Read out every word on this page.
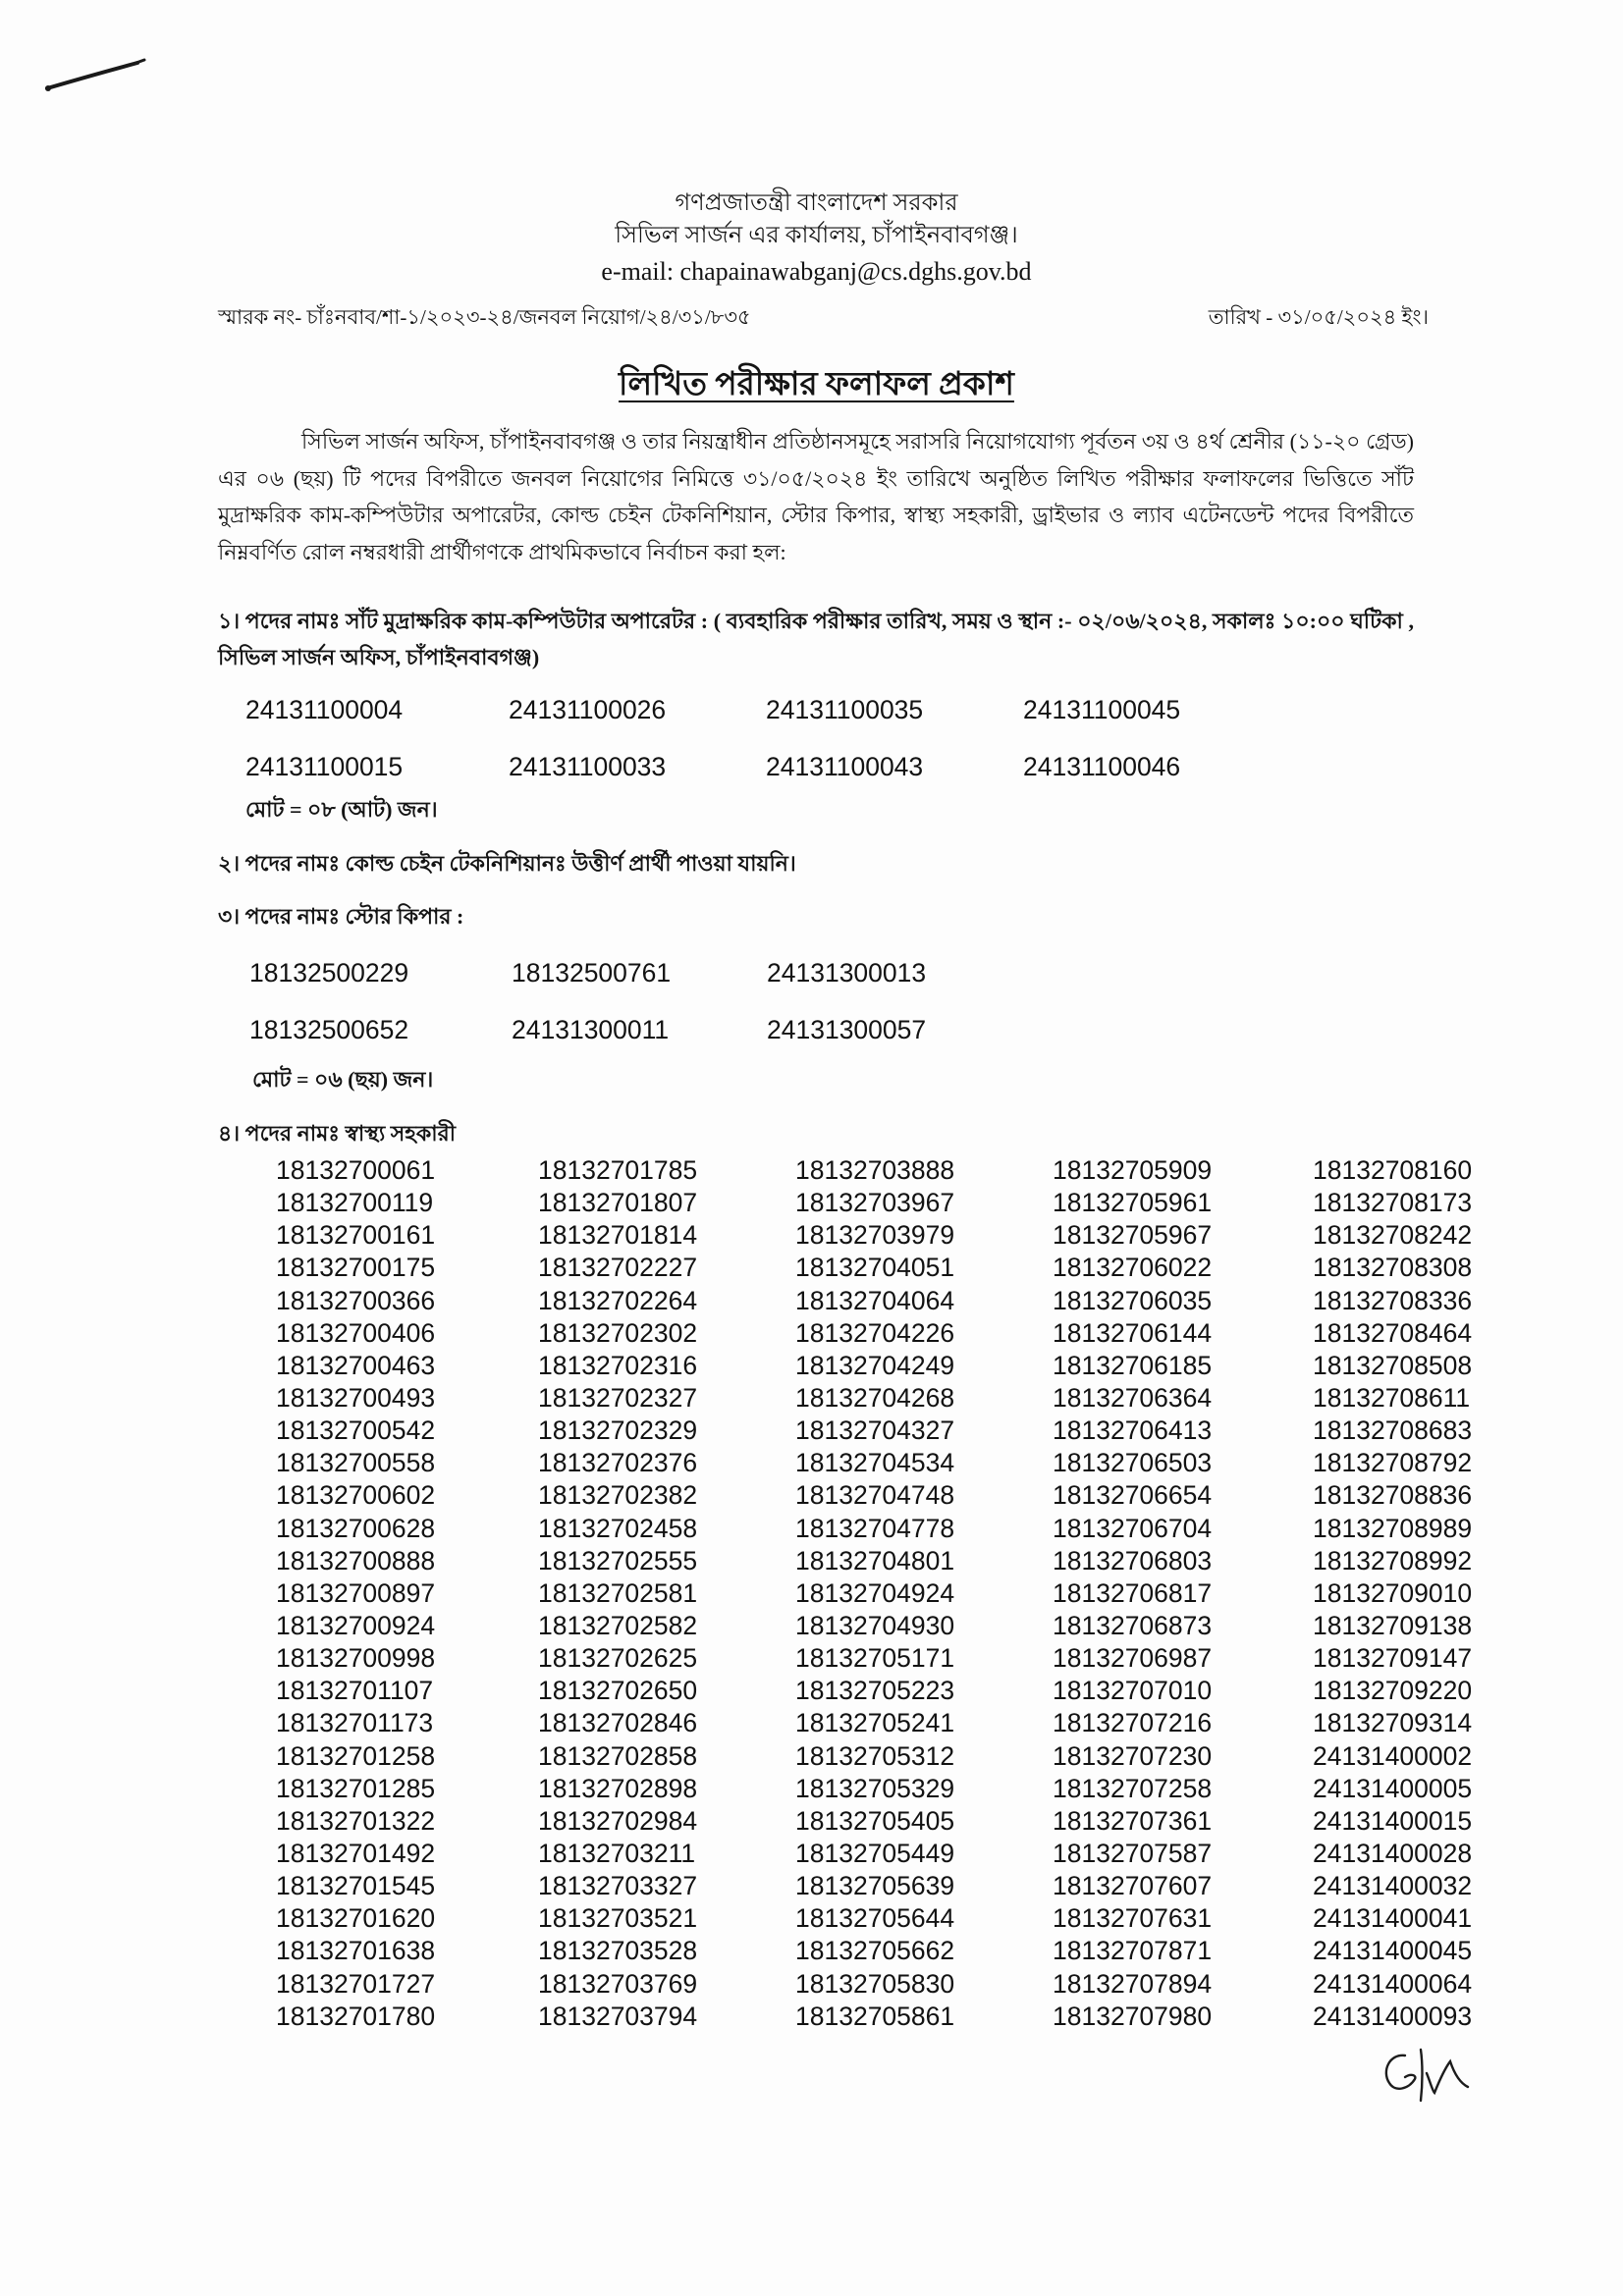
গণপ্রজাতন্ত্রী বাংলাদেশ সরকার
সিভিল সার্জন এর কার্যালয়, চাঁপাইনবাবগঞ্জ।
e-mail: chapainawabganj@cs.dghs.gov.bd
স্মারক নং- চাঁঃনবাব/শা-১/২০২৩-২৪/জনবল নিয়োগ/২৪/৩১/৮৩৫	তারিখ - ৩১/০৫/২০২৪ ইং।
লিখিত পরীক্ষার ফলাফল প্রকাশ
সিভিল সার্জন অফিস, চাঁপাইনবাবগঞ্জ ও তার নিয়ন্ত্রাধীন প্রতিষ্ঠানসমূহে সরাসরি নিয়োগযোগ্য পূর্বতন ৩য় ও ৪র্থ শ্রেনীর (১১-২০ গ্রেড) এর ০৬ (ছয়) টি পদের বিপরীতে জনবল নিয়োগের নিমিত্তে ৩১/০৫/২০২৪ ইং তারিখে অনুষ্ঠিত লিখিত পরীক্ষার ফলাফলের ভিত্তিতে সাঁট মুদ্রাক্ষরিক কাম-কম্পিউটার অপারেটর, কোল্ড চেইন টেকনিশিয়ান, স্টোর কিপার, স্বাস্থ্য সহকারী, ড্রাইভার ও ল্যাব এটেনডেন্ট পদের বিপরীতে নিম্নবর্ণিত রোল নম্বরধারী প্রার্থীগণকে প্রাথমিকভাবে নির্বাচন করা হল:
১। পদের নামঃ সাঁট মুদ্রাক্ষরিক কাম-কম্পিউটার অপারেটর : ( ব্যবহারিক পরীক্ষার তারিখ, সময় ও স্থান :- ০২/০৬/২০২৪, সকালঃ ১০:০০ ঘটিকা , সিভিল সার্জন অফিস, চাঁপাইনবাবগঞ্জ)
24131100004
24131100015
24131100026
24131100033
24131100035
24131100043
24131100045
24131100046
মোট = ০৮ (আট) জন।
২। পদের নামঃ কোল্ড চেইন টেকনিশিয়ানঃ উত্তীর্ণ প্রার্থী পাওয়া যায়নি।
৩। পদের নামঃ স্টোর কিপার :
18132500229
18132500652
18132500761
24131300011
24131300013
24131300057
মোট = ০৬ (ছয়) জন।
৪। পদের নামঃ স্বাস্থ্য সহকারী
18132700061
18132700119
18132700161
18132700175
18132700366
18132700406
18132700463
18132700493
18132700542
18132700558
18132700602
18132700628
18132700888
18132700897
18132700924
18132700998
18132701107
18132701173
18132701258
18132701285
18132701322
18132701492
18132701545
18132701620
18132701638
18132701727
18132701780
18132701785
18132701807
18132701814
18132702227
18132702264
18132702302
18132702316
18132702327
18132702329
18132702376
18132702382
18132702458
18132702555
18132702581
18132702582
18132702625
18132702650
18132702846
18132702858
18132702898
18132702984
18132703211
18132703327
18132703521
18132703528
18132703769
18132703794
18132703888
18132703967
18132703979
18132704051
18132704064
18132704226
18132704249
18132704268
18132704327
18132704534
18132704748
18132704778
18132704801
18132704924
18132704930
18132705171
18132705223
18132705241
18132705312
18132705329
18132705405
18132705449
18132705639
18132705644
18132705662
18132705830
18132705861
18132705909
18132705961
18132705967
18132706022
18132706035
18132706144
18132706185
18132706364
18132706413
18132706503
18132706654
18132706704
18132706803
18132706817
18132706873
18132706987
18132707010
18132707216
18132707230
18132707258
18132707361
18132707587
18132707607
18132707631
18132707871
18132707894
18132707980
18132708160
18132708173
18132708242
18132708308
18132708336
18132708464
18132708508
18132708611
18132708683
18132708792
18132708836
18132708989
18132708992
18132709010
18132709138
18132709147
18132709220
18132709314
24131400002
24131400005
24131400015
24131400028
24131400032
24131400041
24131400045
24131400064
24131400093
